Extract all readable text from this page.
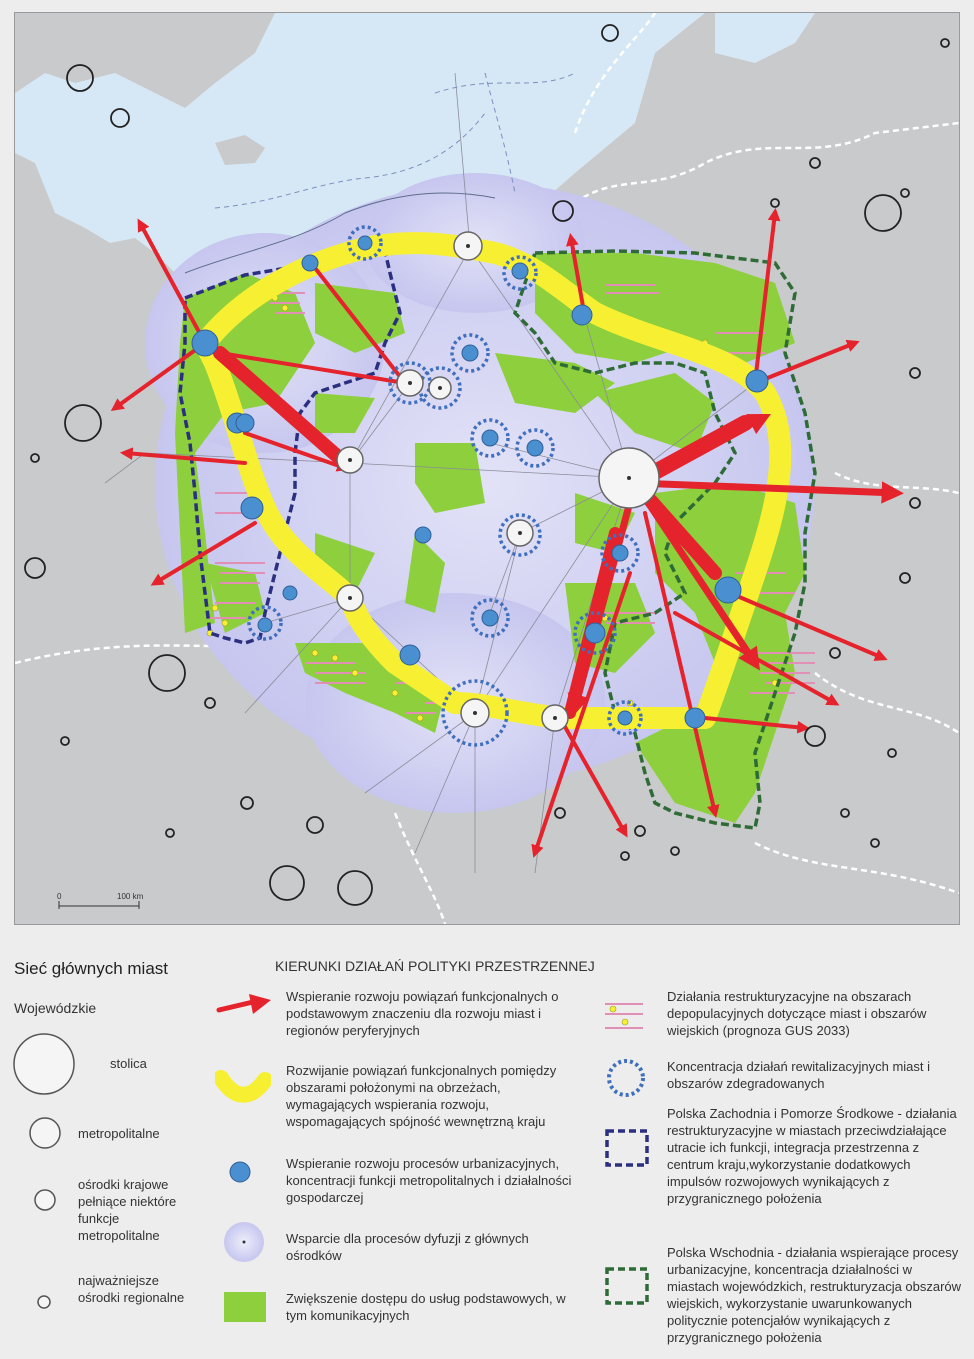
0	100 km
Sieć głównych miast
Wojewódzkie
stolica
metropolitalne
ośrodki krajowe pełniące niektóre funkcje metropolitalne
najważniejsze ośrodki regionalne
KIERUNKI DZIAŁAŃ POLITYKI PRZESTRZENNEJ
Wspieranie rozwoju powiązań funkcjonalnych o podstawowym znaczeniu dla rozwoju miast i regionów peryferyjnych
Rozwijanie powiązań funkcjonalnych pomiędzy obszarami położonymi na obrzeżach, wymagających wspierania rozwoju, wspomagających spójność wewnętrzną kraju
Wspieranie rozwoju procesów urbanizacyjnych, koncentracji funkcji metropolitalnych i działalności gospodarczej
Wsparcie dla procesów dyfuzji z głównych ośrodków
Zwiększenie dostępu do usług podstawowych, w tym komunikacyjnych
Działania restrukturyzacyjne na obszarach depopulacyjnych dotyczące miast i obszarów wiejskich (prognoza GUS 2033)
Koncentracja działań rewitalizacyjnych miast i obszarów zdegradowanych
Polska Zachodnia i Pomorze Środkowe - działania restrukturyzacyjne w miastach przeciwdziałające utracie ich funkcji, integracja przestrzenna z centrum kraju,wykorzystanie dodatkowych impulsów rozwojowych wynikających z przygranicznego położenia
Polska Wschodnia - działania wspierające procesy urbanizacyjne, koncentracja działalności w miastach wojewódzkich, restrukturyzacja obszarów wiejskich, wykorzystanie uwarunkowanych politycznie potencjałów wynikających z przygranicznego położenia
